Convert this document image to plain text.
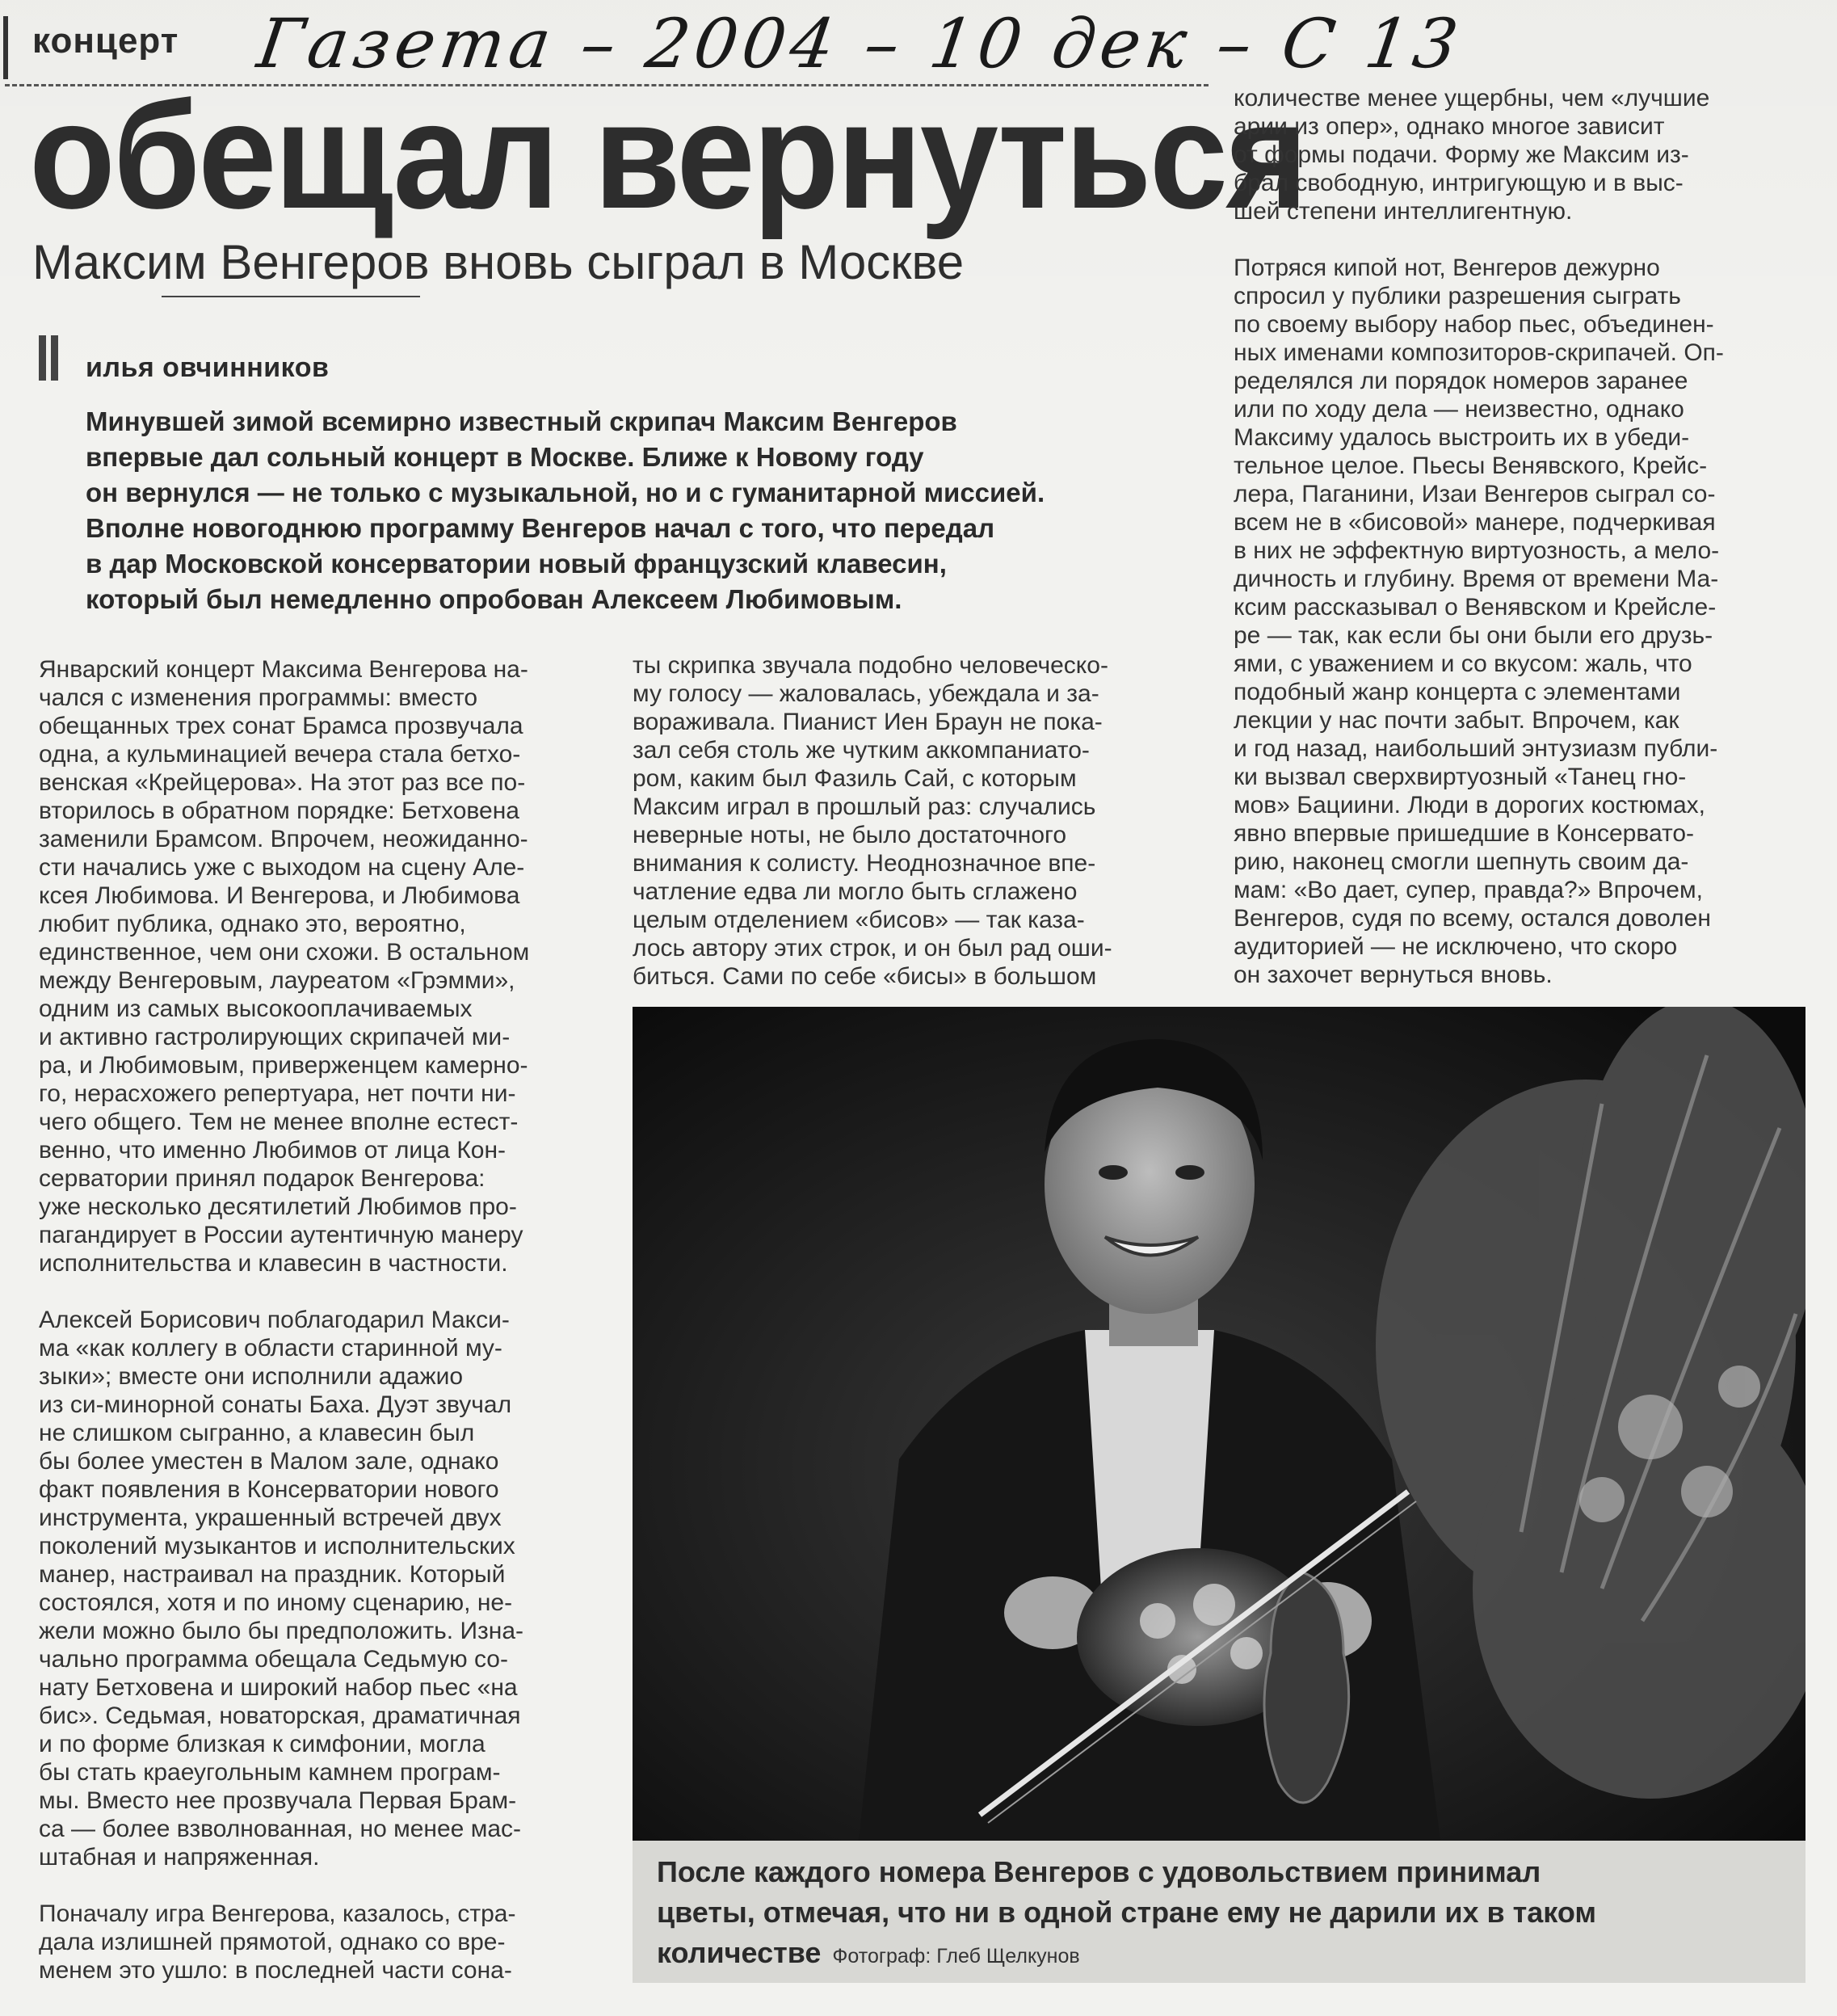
концерт Газета – 2004 – 10 дек – С 13
обещал вернуться
Максим Венгеров вновь сыграл в Москве
илья овчинников

Минувшей зимой всемирно известный скрипач Максим Венгеров

впервые дал сольный концерт в Москве. Ближе к Новому году

он вернулся — не только с музыкальной, но и с гуманитарной миссией.

Вполне новогоднюю программу Венгеров начал с того, что передал

в дар Московской консерватории новый французский клавесин,

который был немедленно опробован Алексеем Любимовым.

Январский концерт Максима Венгерова на-

чался с изменения программы: вместо

обещанных трех сонат Брамса прозвучала

одна, а кульминацией вечера стала бетхо-

венская «Крейцерова». На этот раз все по-

вторилось в обратном порядке: Бетховена

заменили Брамсом. Впрочем, неожиданно-

сти начались уже с выходом на сцену Але-

ксея Любимова. И Венгерова, и Любимова

любит публика, однако это, вероятно,

единственное, чем они схожи. В остальном

между Венгеровым, лауреатом «Грэмми»,

одним из самых высокооплачиваемых

и активно гастролирующих скрипачей ми-

ра, и Любимовым, приверженцем камерно-

го, нерасхожего репертуара, нет почти ни-

чего общего. Тем не менее вполне естест-

венно, что именно Любимов от лица Кон-

серватории принял подарок Венгерова:

уже несколько десятилетий Любимов про-

пагандирует в России аутентичную манеру

исполнительства и клавесин в частности.

Алексей Борисович поблагодарил Макси-

ма «как коллегу в области старинной му-

зыки»; вместе они исполнили адажио

из си-минорной сонаты Баха. Дуэт звучал

не слишком сыгранно, а клавесин был

бы более уместен в Малом зале, однако

факт появления в Консерватории нового

инструмента, украшенный встречей двух

поколений музыкантов и исполнительских

манер, настраивал на праздник. Который

состоялся, хотя и по иному сценарию, не-

жели можно было бы предположить. Изна-

чально программа обещала Седьмую со-

нату Бетховена и широкий набор пьес «на

бис». Седьмая, новаторская, драматичная

и по форме близкая к симфонии, могла

бы стать краеугольным камнем програм-

мы. Вместо нее прозвучала Первая Брам-

са — более взволнованная, но менее мас-

штабная и напряженная.

Поначалу игра Венгерова, казалось, стра-

дала излишней прямотой, однако со вре-

менем это ушло: в последней части сона-

ты скрипка звучала подобно человеческо-

му голосу — жаловалась, убеждала и за-

вораживала. Пианист Иен Браун не пока-

зал себя столь же чутким аккомпаниато-

ром, каким был Фазиль Сай, с которым

Максим играл в прошлый раз: случались

неверные ноты, не было достаточного

внимания к солисту. Неоднозначное впе-

чатление едва ли могло быть сглажено

целым отделением «бисов» — так каза-

лось автору этих строк, и он был рад оши-

биться. Сами по себе «бисы» в большом

количестве менее ущербны, чем «лучшие

арии из опер», однако многое зависит

от формы подачи. Форму же Максим из-

брал свободную, интригующую и в выс-

шей степени интеллигентную.

Потряся кипой нот, Венгеров дежурно

спросил у публики разрешения сыграть

по своему выбору набор пьес, объединен-

ных именами композиторов-скрипачей. Оп-

ределялся ли порядок номеров заранее

или по ходу дела — неизвестно, однако

Максиму удалось выстроить их в убеди-

тельное целое. Пьесы Венявского, Крейс-

лера, Паганини, Изаи Венгеров сыграл со-

всем не в «бисовой» манере, подчеркивая

в них не эффектную виртуозность, а мело-

дичность и глубину. Время от времени Ма-

ксим рассказывал о Венявском и Крейсле-

ре — так, как если бы они были его друзь-

ями, с уважением и со вкусом: жаль, что

подобный жанр концерта с элементами

лекции у нас почти забыт. Впрочем, как

и год назад, наибольший энтузиазм публи-

ки вызвал сверхвиртуозный «Танец гно-

мов» Бациини. Люди в дорогих костюмах,

явно впервые пришедшие в Консервато-

рию, наконец смогли шепнуть своим да-

мам: «Во дает, супер, правда?» Впрочем,

Венгеров, судя по всему, остался доволен

аудиторией — не исключено, что скоро

он захочет вернуться вновь.

После каждого номера Венгеров с удовольствием принимал

цветы, отмечая, что ни в одной стране ему не дарили их в таком

количестве Фотограф: Глеб Щелкунов
